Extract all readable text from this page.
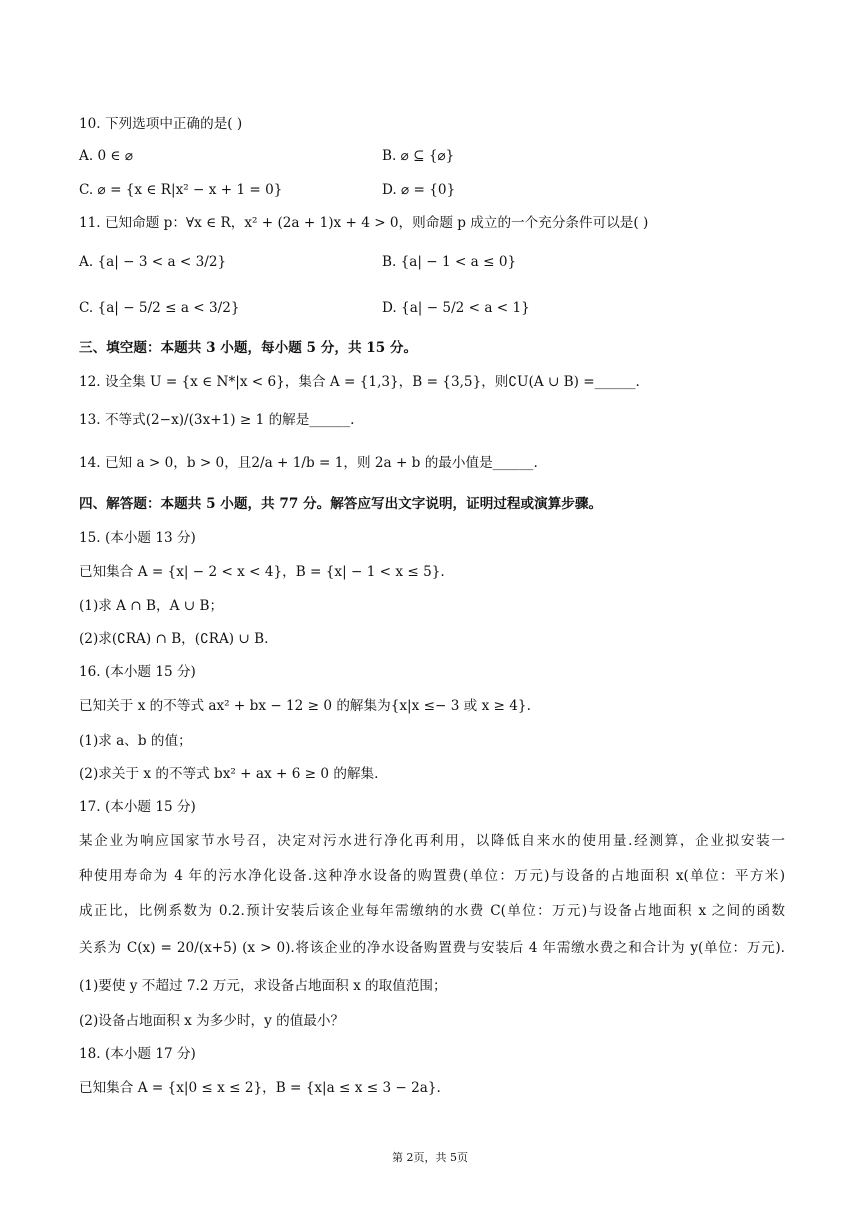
10. 下列选项中正确的是( )
A. 0 ∈ ⌀	B. ⌀ ⊆ {⌀}
C. ⌀ = {x ∈ R|x² − x + 1 = 0}	D. ⌀ = {0}
11. 已知命题 p：∀x ∈ R，x² + (2a + 1)x + 4 > 0，则命题 p 成立的一个充分条件可以是( )
A. {a| − 3 < a < 3/2}	B. {a| − 1 < a ≤ 0}
C. {a| − 5/2 ≤ a < 3/2}	D. {a| − 5/2 < a < 1}
三、填空题：本题共 3 小题，每小题 5 分，共 15 分。
12. 设全集 U = {x ∈ N*|x < 6}，集合 A = {1,3}，B = {3,5}，则∁U(A ∪ B) =______.
13. 不等式(2−x)/(3x+1) ≥ 1 的解是______.
14. 已知 a > 0，b > 0，且2/a + 1/b = 1，则 2a + b 的最小值是______.
四、解答题：本题共 5 小题，共 77 分。解答应写出文字说明，证明过程或演算步骤。
15. (本小题 13 分)
已知集合 A = {x| − 2 < x < 4}，B = {x| − 1 < x ≤ 5}.
(1)求 A ∩ B，A ∪ B；
(2)求(∁RA) ∩ B，(∁RA) ∪ B.
16. (本小题 15 分)
已知关于 x 的不等式 ax² + bx − 12 ≥ 0 的解集为{x|x ≤− 3 或 x ≥ 4}.
(1)求 a、b 的值；
(2)求关于 x 的不等式 bx² + ax + 6 ≥ 0 的解集.
17. (本小题 15 分)
某企业为响应国家节水号召，决定对污水进行净化再利用，以降低自来水的使用量.经测算，企业拟安装一
种使用寿命为 4 年的污水净化设备.这种净水设备的购置费(单位：万元)与设备的占地面积 x(单位：平方米)
成正比，比例系数为 0.2.预计安装后该企业每年需缴纳的水费 C(单位：万元)与设备占地面积 x 之间的函数
关系为 C(x) = 20/(x+5) (x > 0).将该企业的净水设备购置费与安装后 4 年需缴水费之和合计为 y(单位：万元).
(1)要使 y 不超过 7.2 万元，求设备占地面积 x 的取值范围；
(2)设备占地面积 x 为多少时，y 的值最小？
18. (本小题 17 分)
已知集合 A = {x|0 ≤ x ≤ 2}，B = {x|a ≤ x ≤ 3 − 2a}.
第 2页，共 5页
